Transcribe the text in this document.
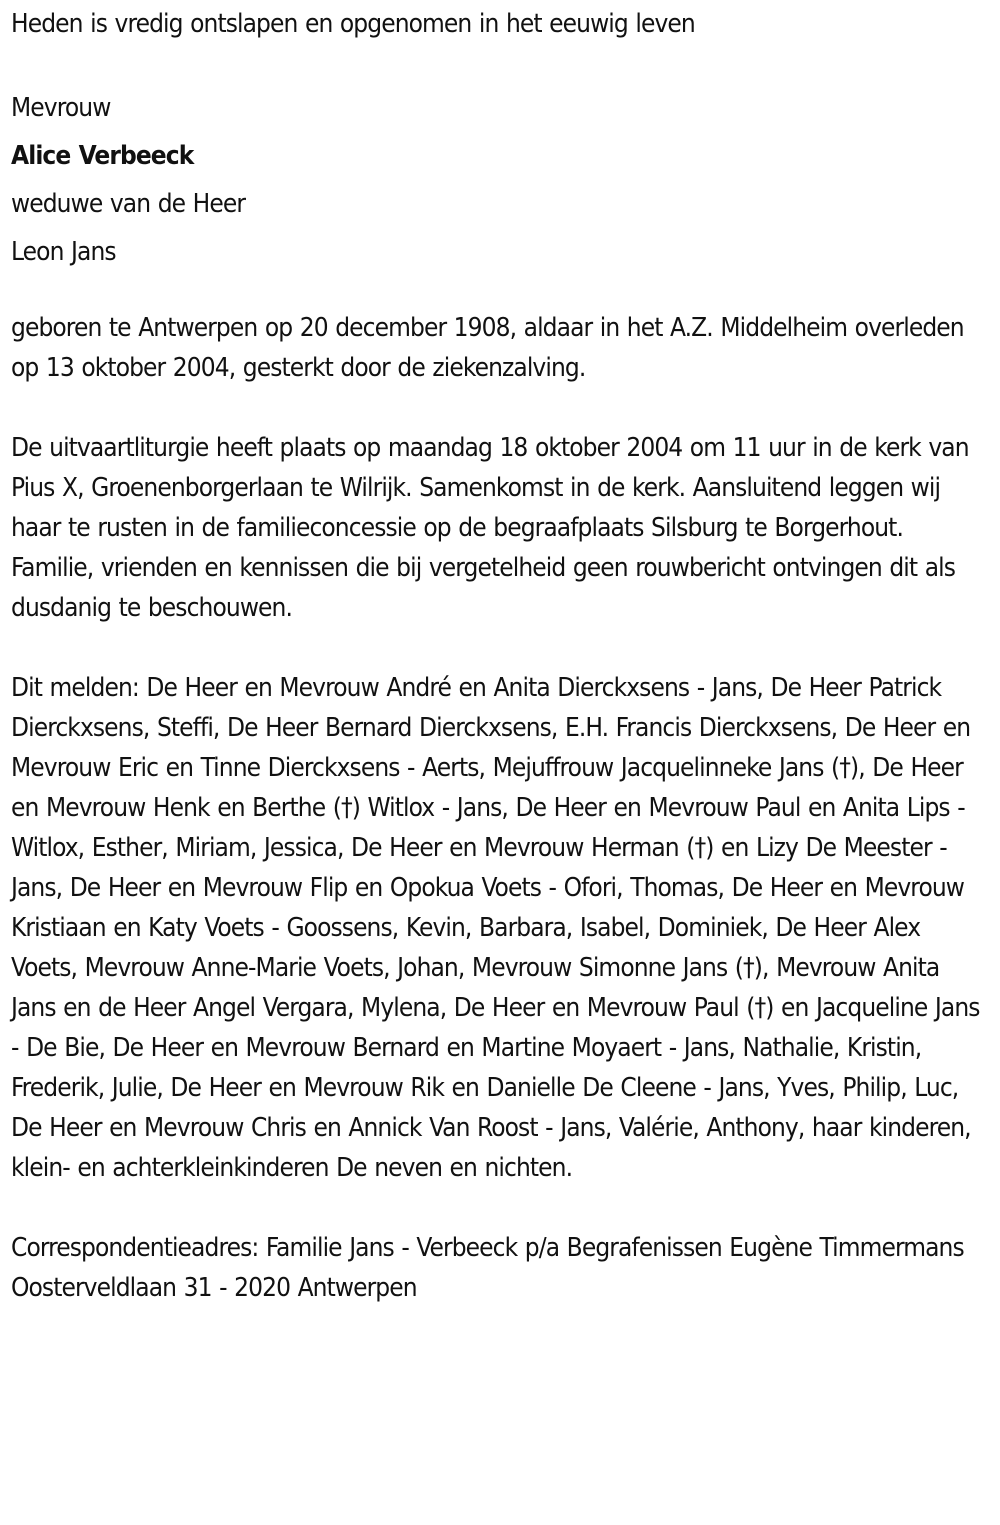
Heden is vredig ontslapen en opgenomen in het eeuwig leven

Mevrouw

Alice Verbeeck

weduwe van de Heer

Leon Jans

geboren te Antwerpen op 20 december 1908, aldaar in het A.Z. Middelheim overleden op 13 oktober 2004, gesterkt door de ziekenzalving.

De uitvaartliturgie heeft plaats op maandag 18 oktober 2004 om 11 uur in de kerk van Pius X, Groenenborgerlaan te Wilrijk. Samenkomst in de kerk. Aansluitend leggen wij haar te rusten in de familieconcessie op de begraafplaats Silsburg te Borgerhout. Familie, vrienden en kennissen die bij vergetelheid geen rouwbericht ontvingen dit als dusdanig te beschouwen.

Dit melden: De Heer en Mevrouw André en Anita Dierckxsens - Jans, De Heer Patrick Dierckxsens, Steffi, De Heer Bernard Dierckxsens, E.H. Francis Dierckxsens, De Heer en Mevrouw Eric en Tinne Dierckxsens - Aerts, Mejuffrouw Jacquelinneke Jans (†), De Heer en Mevrouw Henk en Berthe (†) Witlox - Jans, De Heer en Mevrouw Paul en Anita Lips - Witlox, Esther, Miriam, Jessica, De Heer en Mevrouw Herman (†) en Lizy De Meester - Jans, De Heer en Mevrouw Flip en Opokua Voets - Ofori, Thomas, De Heer en Mevrouw Kristiaan en Katy Voets - Goossens, Kevin, Barbara, Isabel, Dominiek, De Heer Alex Voets, Mevrouw Anne-Marie Voets, Johan, Mevrouw Simonne Jans (†), Mevrouw Anita Jans en de Heer Angel Vergara, Mylena, De Heer en Mevrouw Paul (†) en Jacqueline Jans - De Bie, De Heer en Mevrouw Bernard en Martine Moyaert - Jans, Nathalie, Kristin, Frederik, Julie, De Heer en Mevrouw Rik en Danielle De Cleene - Jans, Yves, Philip, Luc, De Heer en Mevrouw Chris en Annick Van Roost - Jans, Valérie, Anthony, haar kinderen, klein- en achterkleinkinderen De neven en nichten.

Correspondentieadres: Familie Jans - Verbeeck p/a Begrafenissen Eugène Timmermans Oosterveldlaan 31 - 2020 Antwerpen
